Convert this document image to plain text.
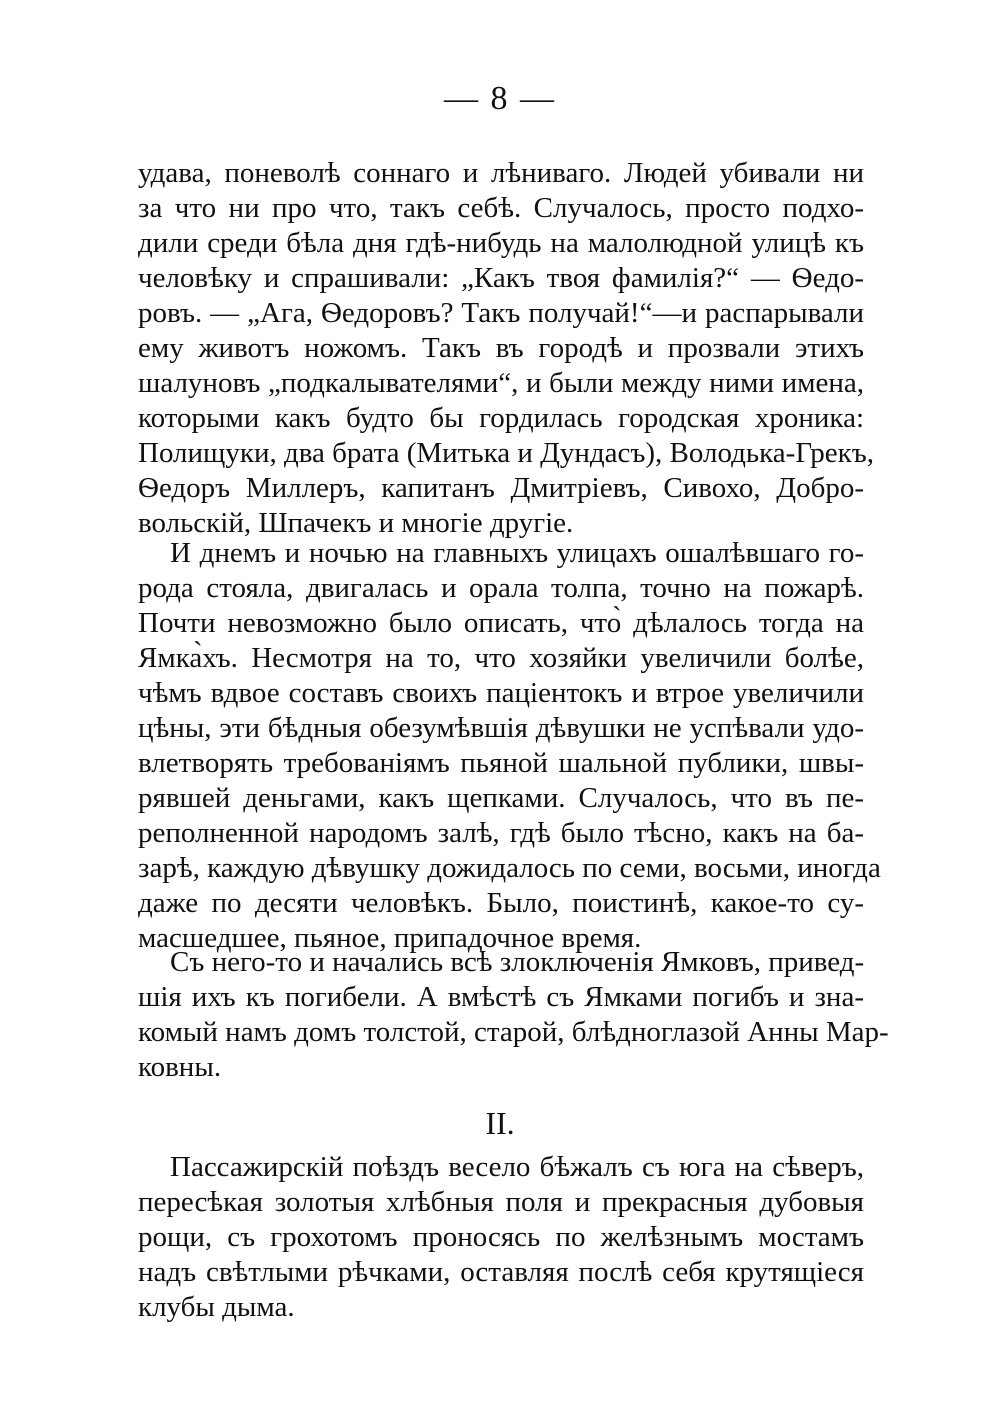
— 8 —
удава, поневолѣ соннаго и лѣниваго. Людей убивали ни
за что ни про что, такъ себѣ. Случалось, просто подхо-
дили среди бѣла дня гдѣ-нибудь на малолюдной улицѣ къ
человѣку и спрашивали: „Какъ твоя фамилія?“ — Ѳедо-
ровъ. — „Ага, Ѳедоровъ? Такъ получай!“—и распарывали
ему животъ ножомъ. Такъ въ городѣ и прозвали этихъ
шалуновъ „подкалывателями“, и были между ними имена,
которыми какъ будто бы гордилась городская хроника:
Полищуки, два брата (Митька и Дундасъ), Володька-Грекъ,
Ѳедоръ Миллеръ, капитанъ Дмитріевъ, Сивохо, Добро-
вольскій, Шпачекъ и многіе другіе.
И днемъ и ночью на главныхъ улицахъ ошалѣвшаго го-
рода стояла, двигалась и орала толпа, точно на пожарѣ.
Почти невозможно было описать, что̀ дѣлалось тогда на
Ямка̀хъ. Несмотря на то, что хозяйки увеличили болѣе,
чѣмъ вдвое составъ своихъ паціентокъ и втрое увеличили
цѣны, эти бѣдныя обезумѣвшія дѣвушки не успѣвали удо-
влетворять требованіямъ пьяной шальной публики, швы-
рявшей деньгами, какъ щепками. Случалось, что въ пе-
реполненной народомъ залѣ, гдѣ было тѣсно, какъ на ба-
зарѣ, каждую дѣвушку дожидалось по семи, восьми, иногда
даже по десяти человѣкъ. Было, поистинѣ, какое-то су-
масшедшее, пьяное, припадочное время.
Съ него-то и начались всѣ злоключенія Ямковъ, привед-
шія ихъ къ погибели. А вмѣстѣ съ Ямками погибъ и зна-
комый намъ домъ толстой, старой, блѣдноглазой Анны Мар-
ковны.
II.
Пассажирскій поѣздъ весело бѣжалъ съ юга на сѣверъ,
пересѣкая золотыя хлѣбныя поля и прекрасныя дубовыя
рощи, съ грохотомъ проносясь по желѣзнымъ мостамъ
надъ свѣтлыми рѣчками, оставляя послѣ себя крутящіеся
клубы дыма.
